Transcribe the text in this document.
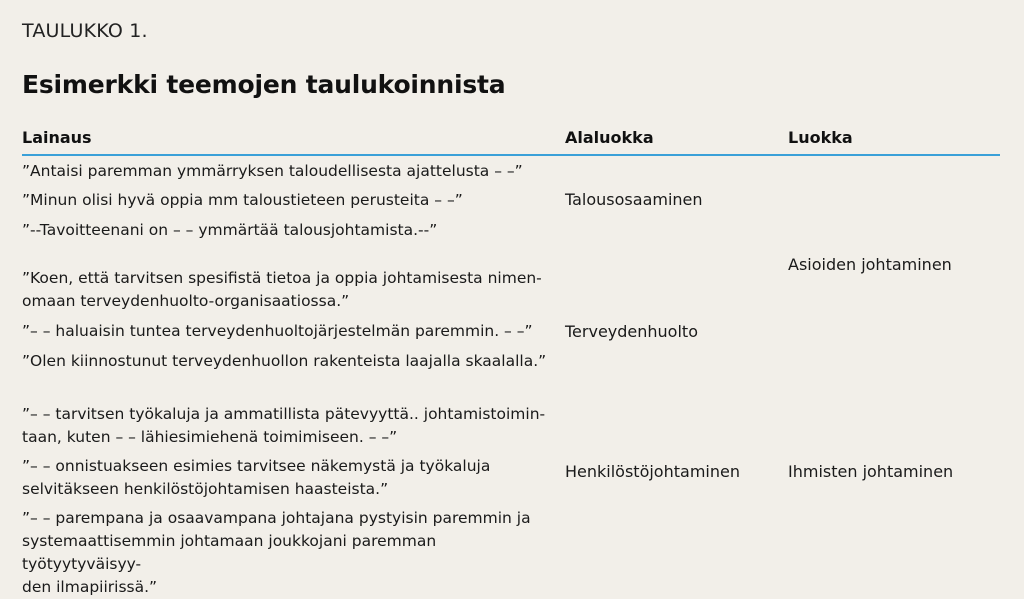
TAULUKKO 1.
Esimerkki teemojen taulukoinnista
Lainaus	Alaluokka	Luokka
”Antaisi paremman ymmärryksen taloudellisesta ajattelusta – –”
”Minun olisi hyvä oppia mm taloustieteen perusteita – –”
”--Tavoitteenani on – – ymmärtää talousjohtamista.--”
”Koen, että tarvitsen spesifistä tietoa ja oppia johtamisesta nimen-
omaan terveydenhuolto-organisaatiossa.”
”– – haluaisin tuntea terveydenhuoltojärjestelmän paremmin. – –”
”Olen kiinnostunut terveydenhuollon rakenteista laajalla skaalalla.”
”– – tarvitsen työkaluja ja ammatillista pätevyyttä.. johtamistoimin-
taan, kuten – – lähiesimiehenä toimimiseen. – –”
”– – onnistuakseen esimies tarvitsee näkemystä ja työkaluja
selvitäkseen henkilöstöjohtamisen haasteista.”
”– – parempana ja osaavampana johtajana pystyisin paremmin ja
systemaattisemmin johtamaan joukkojani paremman työtyytyväisyy-
den ilmapiirissä.”
Talousosaaminen
Terveydenhuolto
Henkilöstöjohtaminen
Asioiden johtaminen
Ihmisten johtaminen
